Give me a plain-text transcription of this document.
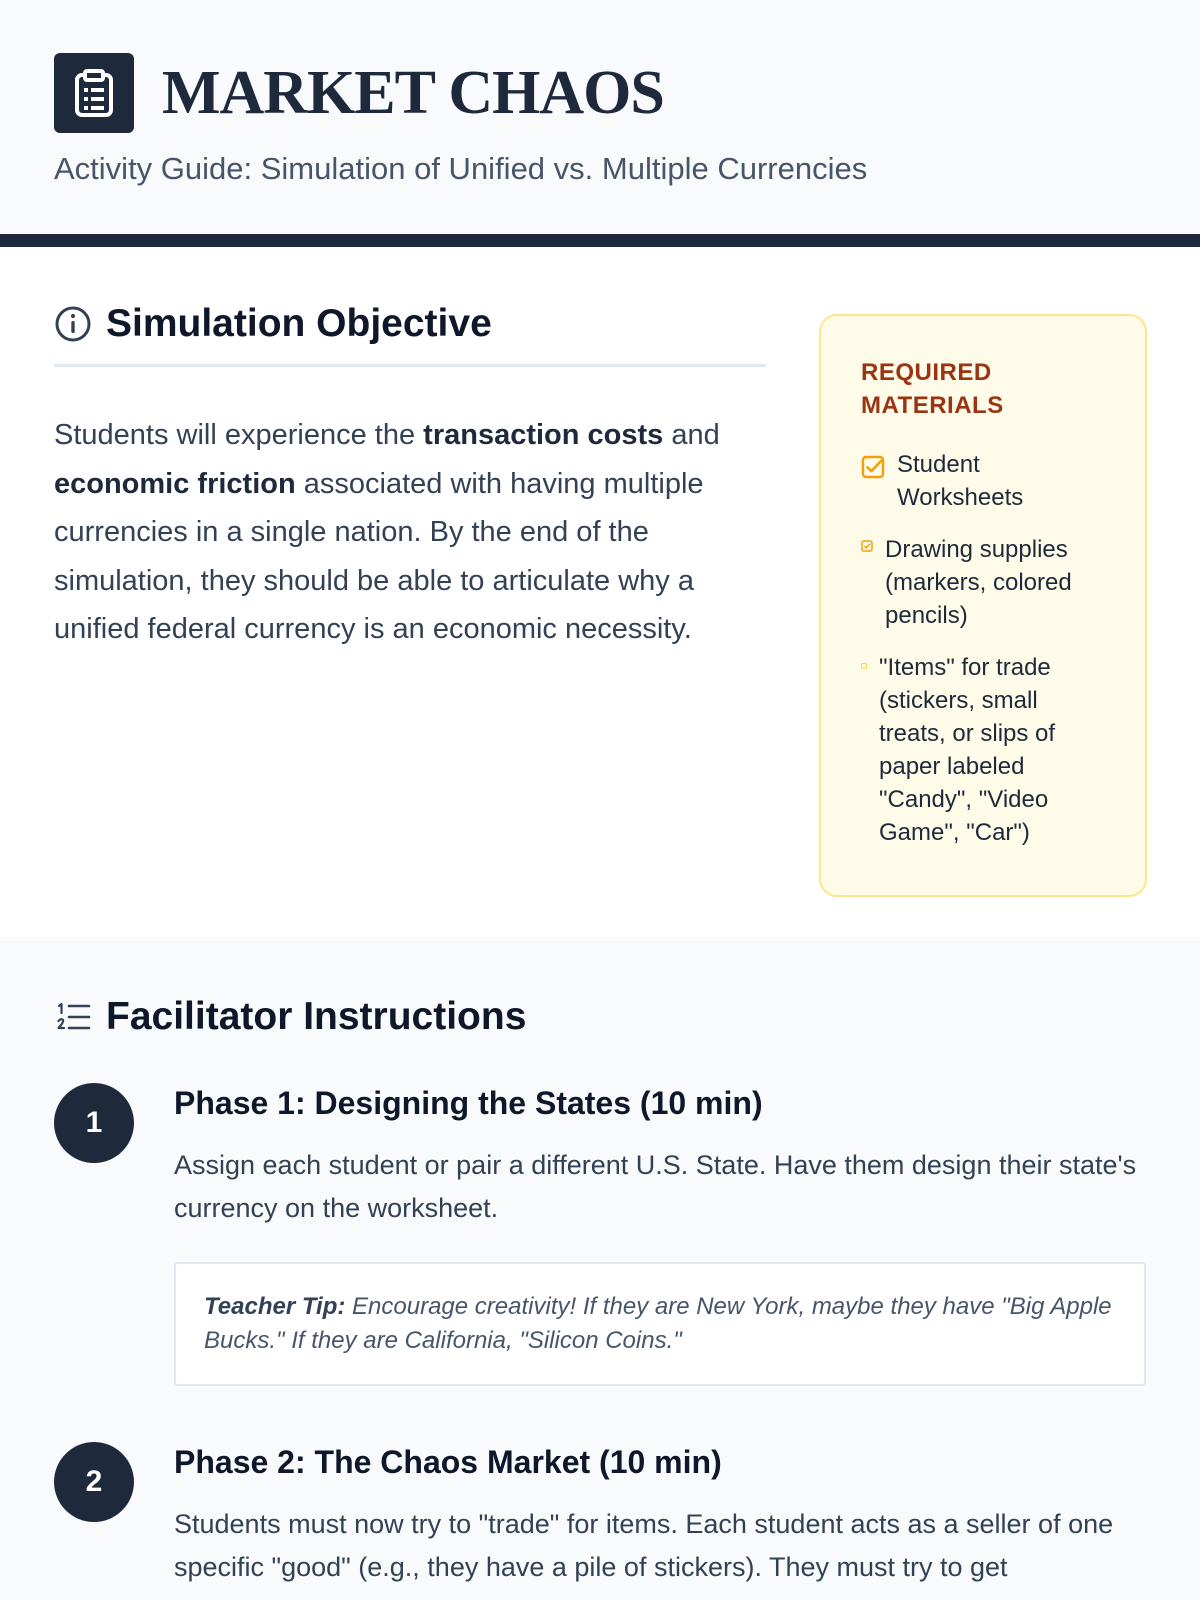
MARKET CHAOS
Activity Guide: Simulation of Unified vs. Multiple Currencies
Simulation Objective

Students will experience the transaction costs and economic friction associated with having multiple currencies in a single nation. By the end of the simulation, they should be able to articulate why a unified federal currency is an economic necessity.

REQUIRED MATERIALS
Student Worksheets
Drawing supplies (markers, colored pencils)
"Items" for trade (stickers, small treats, or slips of paper labeled "Candy", "Video Game", "Car")
Facilitator Instructions
1
Phase 1: Designing the States (10 min)

Assign each student or pair a different U.S. State. Have them design their state's currency on the worksheet.

Teacher Tip: Encourage creativity! If they are New York, maybe they have "Big Apple Bucks." If they are California, "Silicon Coins."
2
Phase 2: The Chaos Market (10 min)

Students must now try to "trade" for items. Each student acts as a seller of one specific "good" (e.g., they have a pile of stickers). They must try to get
